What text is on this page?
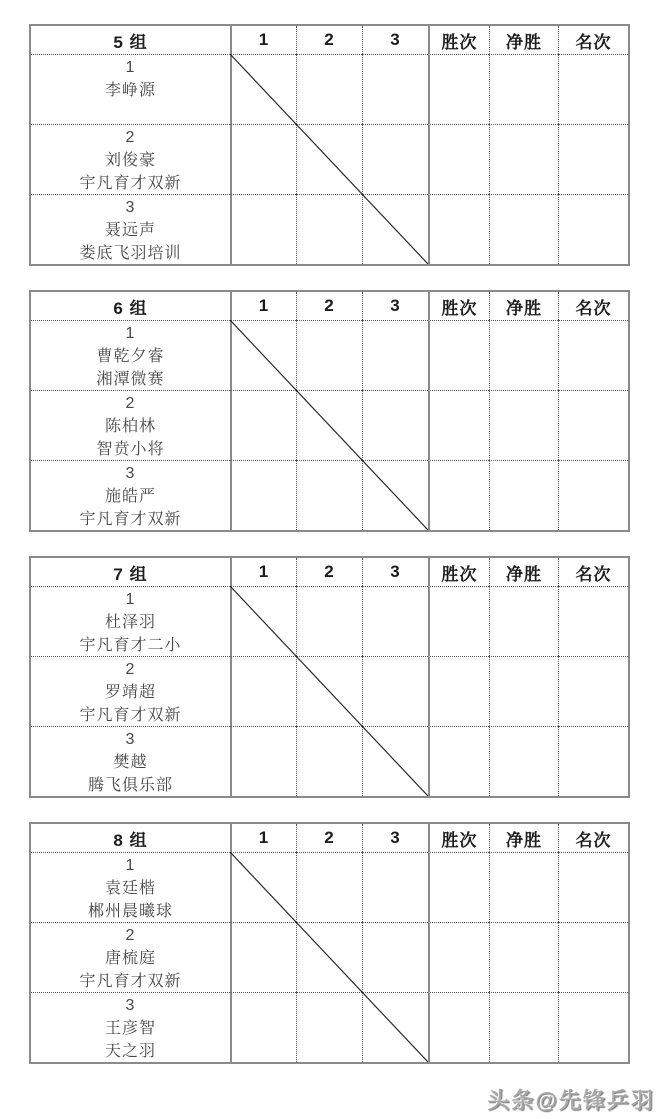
5 组	1	2	3	胜次	净胜	名次
1
李峥源
2
刘俊豪
宇凡育才双新
3
聂远声
娄底飞羽培训
6 组	1	2	3	胜次	净胜	名次
1
曹乾夕睿
湘潭微赛
2
陈柏林
智贲小将
3
施皓严
宇凡育才双新
7 组	1	2	3	胜次	净胜	名次
1
杜泽羽
宇凡育才二小
2
罗靖超
宇凡育才双新
3
樊越
腾飞俱乐部
8 组	1	2	3	胜次	净胜	名次
1
袁廷楷
郴州晨曦球
2
唐梳庭
宇凡育才双新
3
王彦智
天之羽
头条@先锋乒羽
